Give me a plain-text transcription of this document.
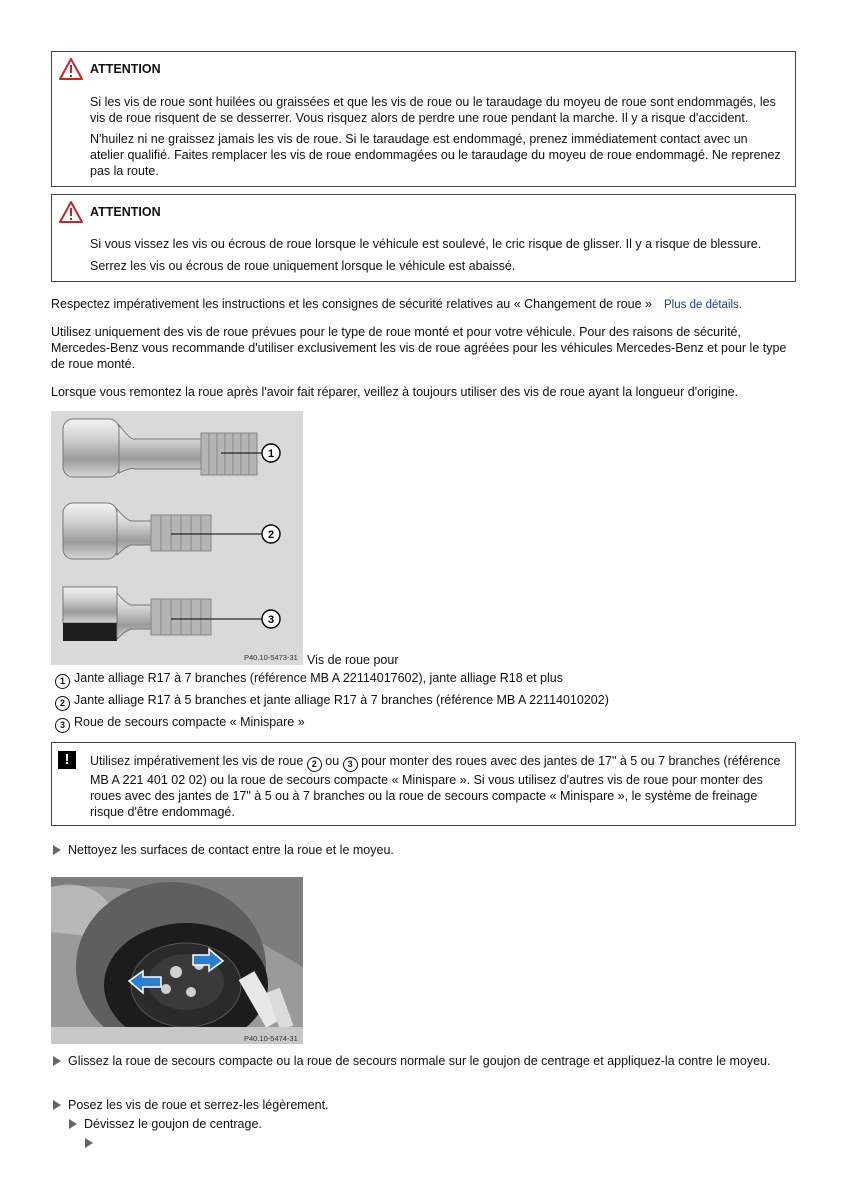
ATTENTION

Si les vis de roue sont huilées ou graissées et que les vis de roue ou le taraudage du moyeu de roue sont endommagés, les vis de roue risquent de se desserrer. Vous risquez alors de perdre une roue pendant la marche. Il y a risque d'accident.

N'huilez ni ne graissez jamais les vis de roue. Si le taraudage est endommagé, prenez immédiatement contact avec un atelier qualifié. Faites remplacer les vis de roue endommagées ou le taraudage du moyeu de roue endommagé. Ne reprenez pas la route.

ATTENTION

Si vous vissez les vis ou écrous de roue lorsque le véhicule est soulevé, le cric risque de glisser. Il y a risque de blessure.

Serrez les vis ou écrous de roue uniquement lorsque le véhicule est abaissé.

Respectez impérativement les instructions et les consignes de sécurité relatives au « Changement de roue » Plus de détails.

Utilisez uniquement des vis de roue prévues pour le type de roue monté et pour votre véhicule. Pour des raisons de sécurité, Mercedes-Benz vous recommande d'utiliser exclusivement les vis de roue agréées pour les véhicules Mercedes-Benz et pour le type de roue monté.

Lorsque vous remontez la roue après l'avoir fait réparer, veillez à toujours utiliser des vis de roue ayant la longueur d'origine.

1
2
3
P40.10-5473-31 Vis de roue pour
1 Jante alliage R17 à 7 branches (référence MB A 22114017602), jante alliage R18 et plus
2 Jante alliage R17 à 5 branches et jante alliage R17 à 7 branches (référence MB A 22114010202)
3 Roue de secours compacte « Minispare »
!	Utilisez impérativement les vis de roue 2 ou 3 pour monter des roues avec des jantes de 17" à 5 ou 7 branches (référence MB A 221 401 02 02) ou la roue de secours compacte « Minispare ». Si vous utilisez d'autres vis de roue pour monter des roues avec des jantes de 17" à 5 ou à 7 branches ou la roue de secours compacte « Minispare », le système de freinage risque d'être endommagé.

Nettoyez les surfaces de contact entre la roue et le moyeu.
P40.10-5474-31
Glissez la roue de secours compacte ou la roue de secours normale sur le goujon de centrage et appliquez-la contre le moyeu.
Posez les vis de roue et serrez-les légèrement.
Dévissez le goujon de centrage.
